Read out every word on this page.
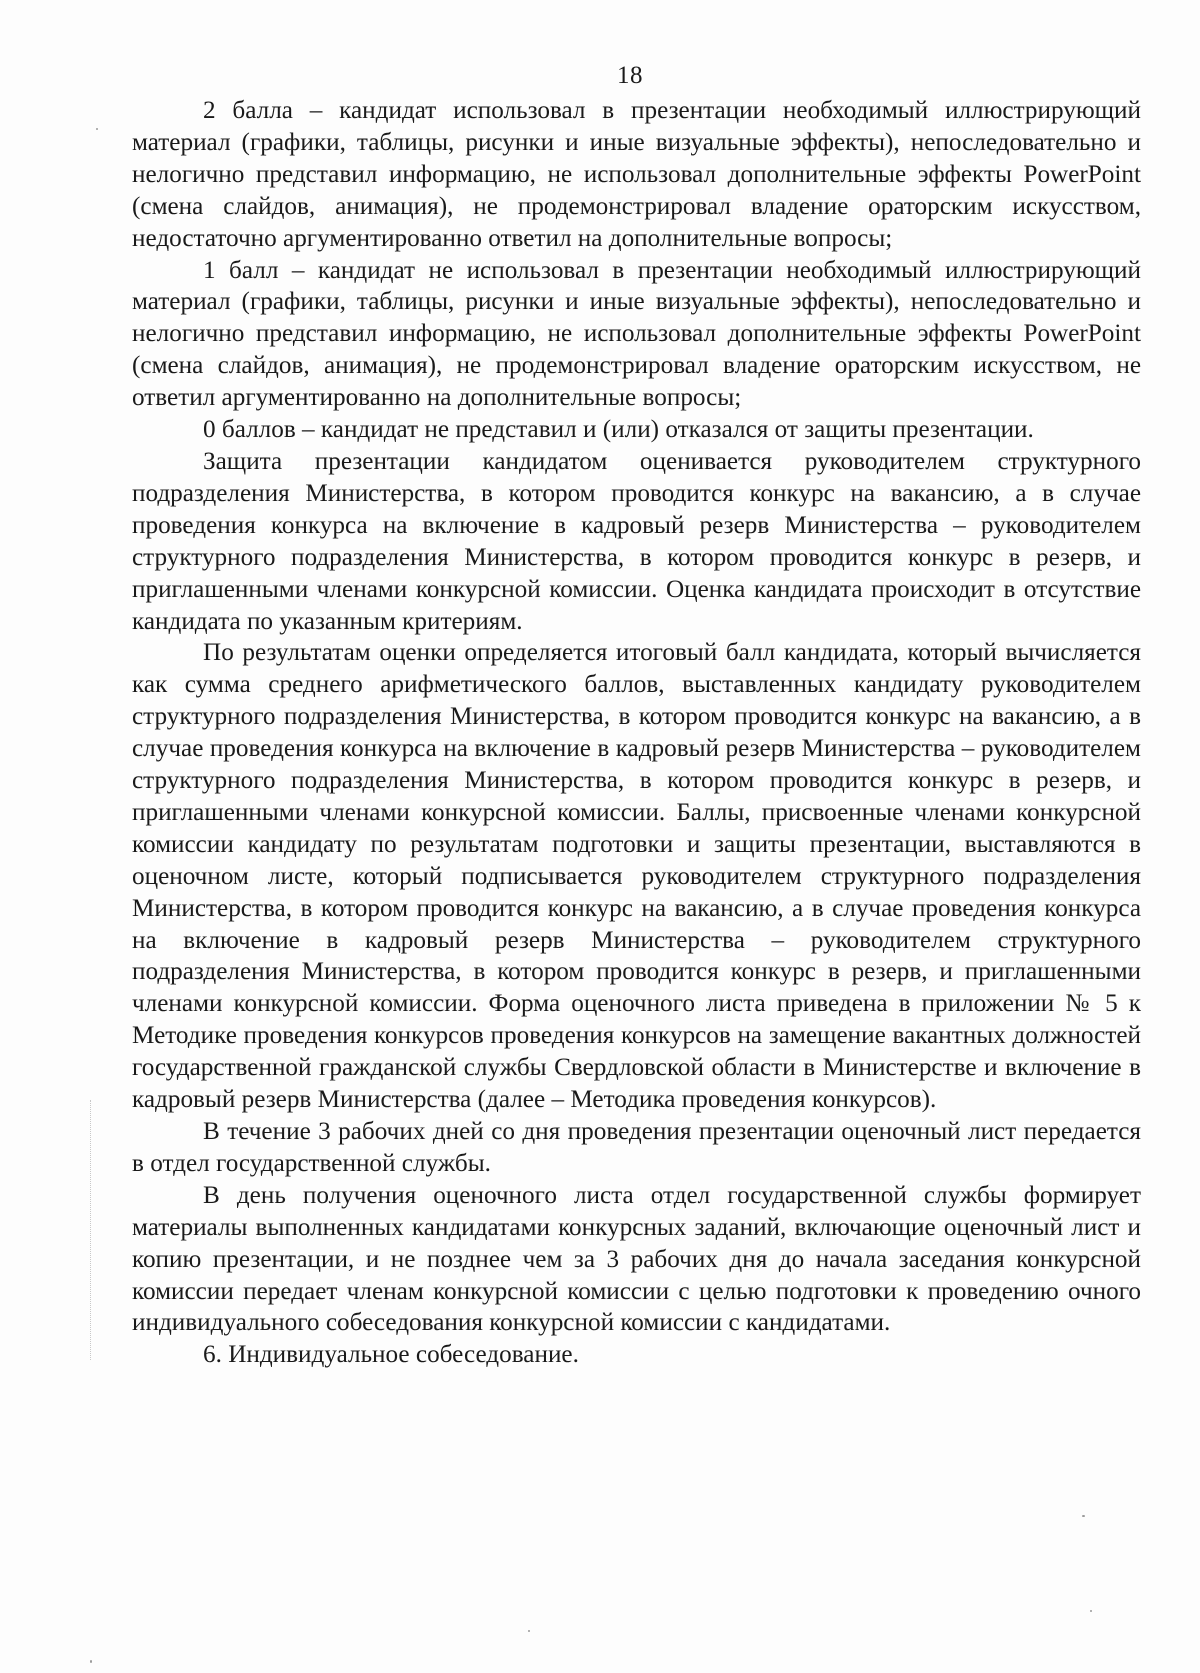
18

2 балла – кандидат использовал в презентации необходимый иллюстрирующий материал (графики, таблицы, рисунки и иные визуальные эффекты), непоследовательно и нелогично представил информацию, не использовал дополнительные эффекты PowerPoint (смена слайдов, анимация), не продемонстрировал владение ораторским искусством, недостаточно аргументированно ответил на дополнительные вопросы;

1 балл – кандидат не использовал в презентации необходимый иллюстрирующий материал (графики, таблицы, рисунки и иные визуальные эффекты), непоследовательно и нелогично представил информацию, не использовал дополнительные эффекты PowerPoint (смена слайдов, анимация), не продемонстрировал владение ораторским искусством, не ответил аргументированно на дополнительные вопросы;

0 баллов – кандидат не представил и (или) отказался от защиты презентации.

Защита презентации кандидатом оценивается руководителем структурного подразделения Министерства, в котором проводится конкурс на вакансию, а в случае проведения конкурса на включение в кадровый резерв Министерства – руководителем структурного подразделения Министерства, в котором проводится конкурс в резерв, и приглашенными членами конкурсной комиссии. Оценка кандидата происходит в отсутствие кандидата по указанным критериям.

По результатам оценки определяется итоговый балл кандидата, который вычисляется как сумма среднего арифметического баллов, выставленных кандидату руководителем структурного подразделения Министерства, в котором проводится конкурс на вакансию, а в случае проведения конкурса на включение в кадровый резерв Министерства – руководителем структурного подразделения Министерства, в котором проводится конкурс в резерв, и приглашенными членами конкурсной комиссии. Баллы, присвоенные членами конкурсной комиссии кандидату по результатам подготовки и защиты презентации, выставляются в оценочном листе, который подписывается руководителем структурного подразделения Министерства, в котором проводится конкурс на вакансию, а в случае проведения конкурса на включение в кадровый резерв Министерства – руководителем структурного подразделения Министерства, в котором проводится конкурс в резерв, и приглашенными членами конкурсной комиссии. Форма оценочного листа приведена в приложении № 5 к Методике проведения конкурсов проведения конкурсов на замещение вакантных должностей государственной гражданской службы Свердловской области в Министерстве и включение в кадровый резерв Министерства (далее – Методика проведения конкурсов).

В течение 3 рабочих дней со дня проведения презентации оценочный лист передается в отдел государственной службы.

В день получения оценочного листа отдел государственной службы формирует материалы выполненных кандидатами конкурсных заданий, включающие оценочный лист и копию презентации, и не позднее чем за 3 рабочих дня до начала заседания конкурсной комиссии передает членам конкурсной комиссии с целью подготовки к проведению очного индивидуального собеседования конкурсной комиссии с кандидатами.

6. Индивидуальное собеседование.
